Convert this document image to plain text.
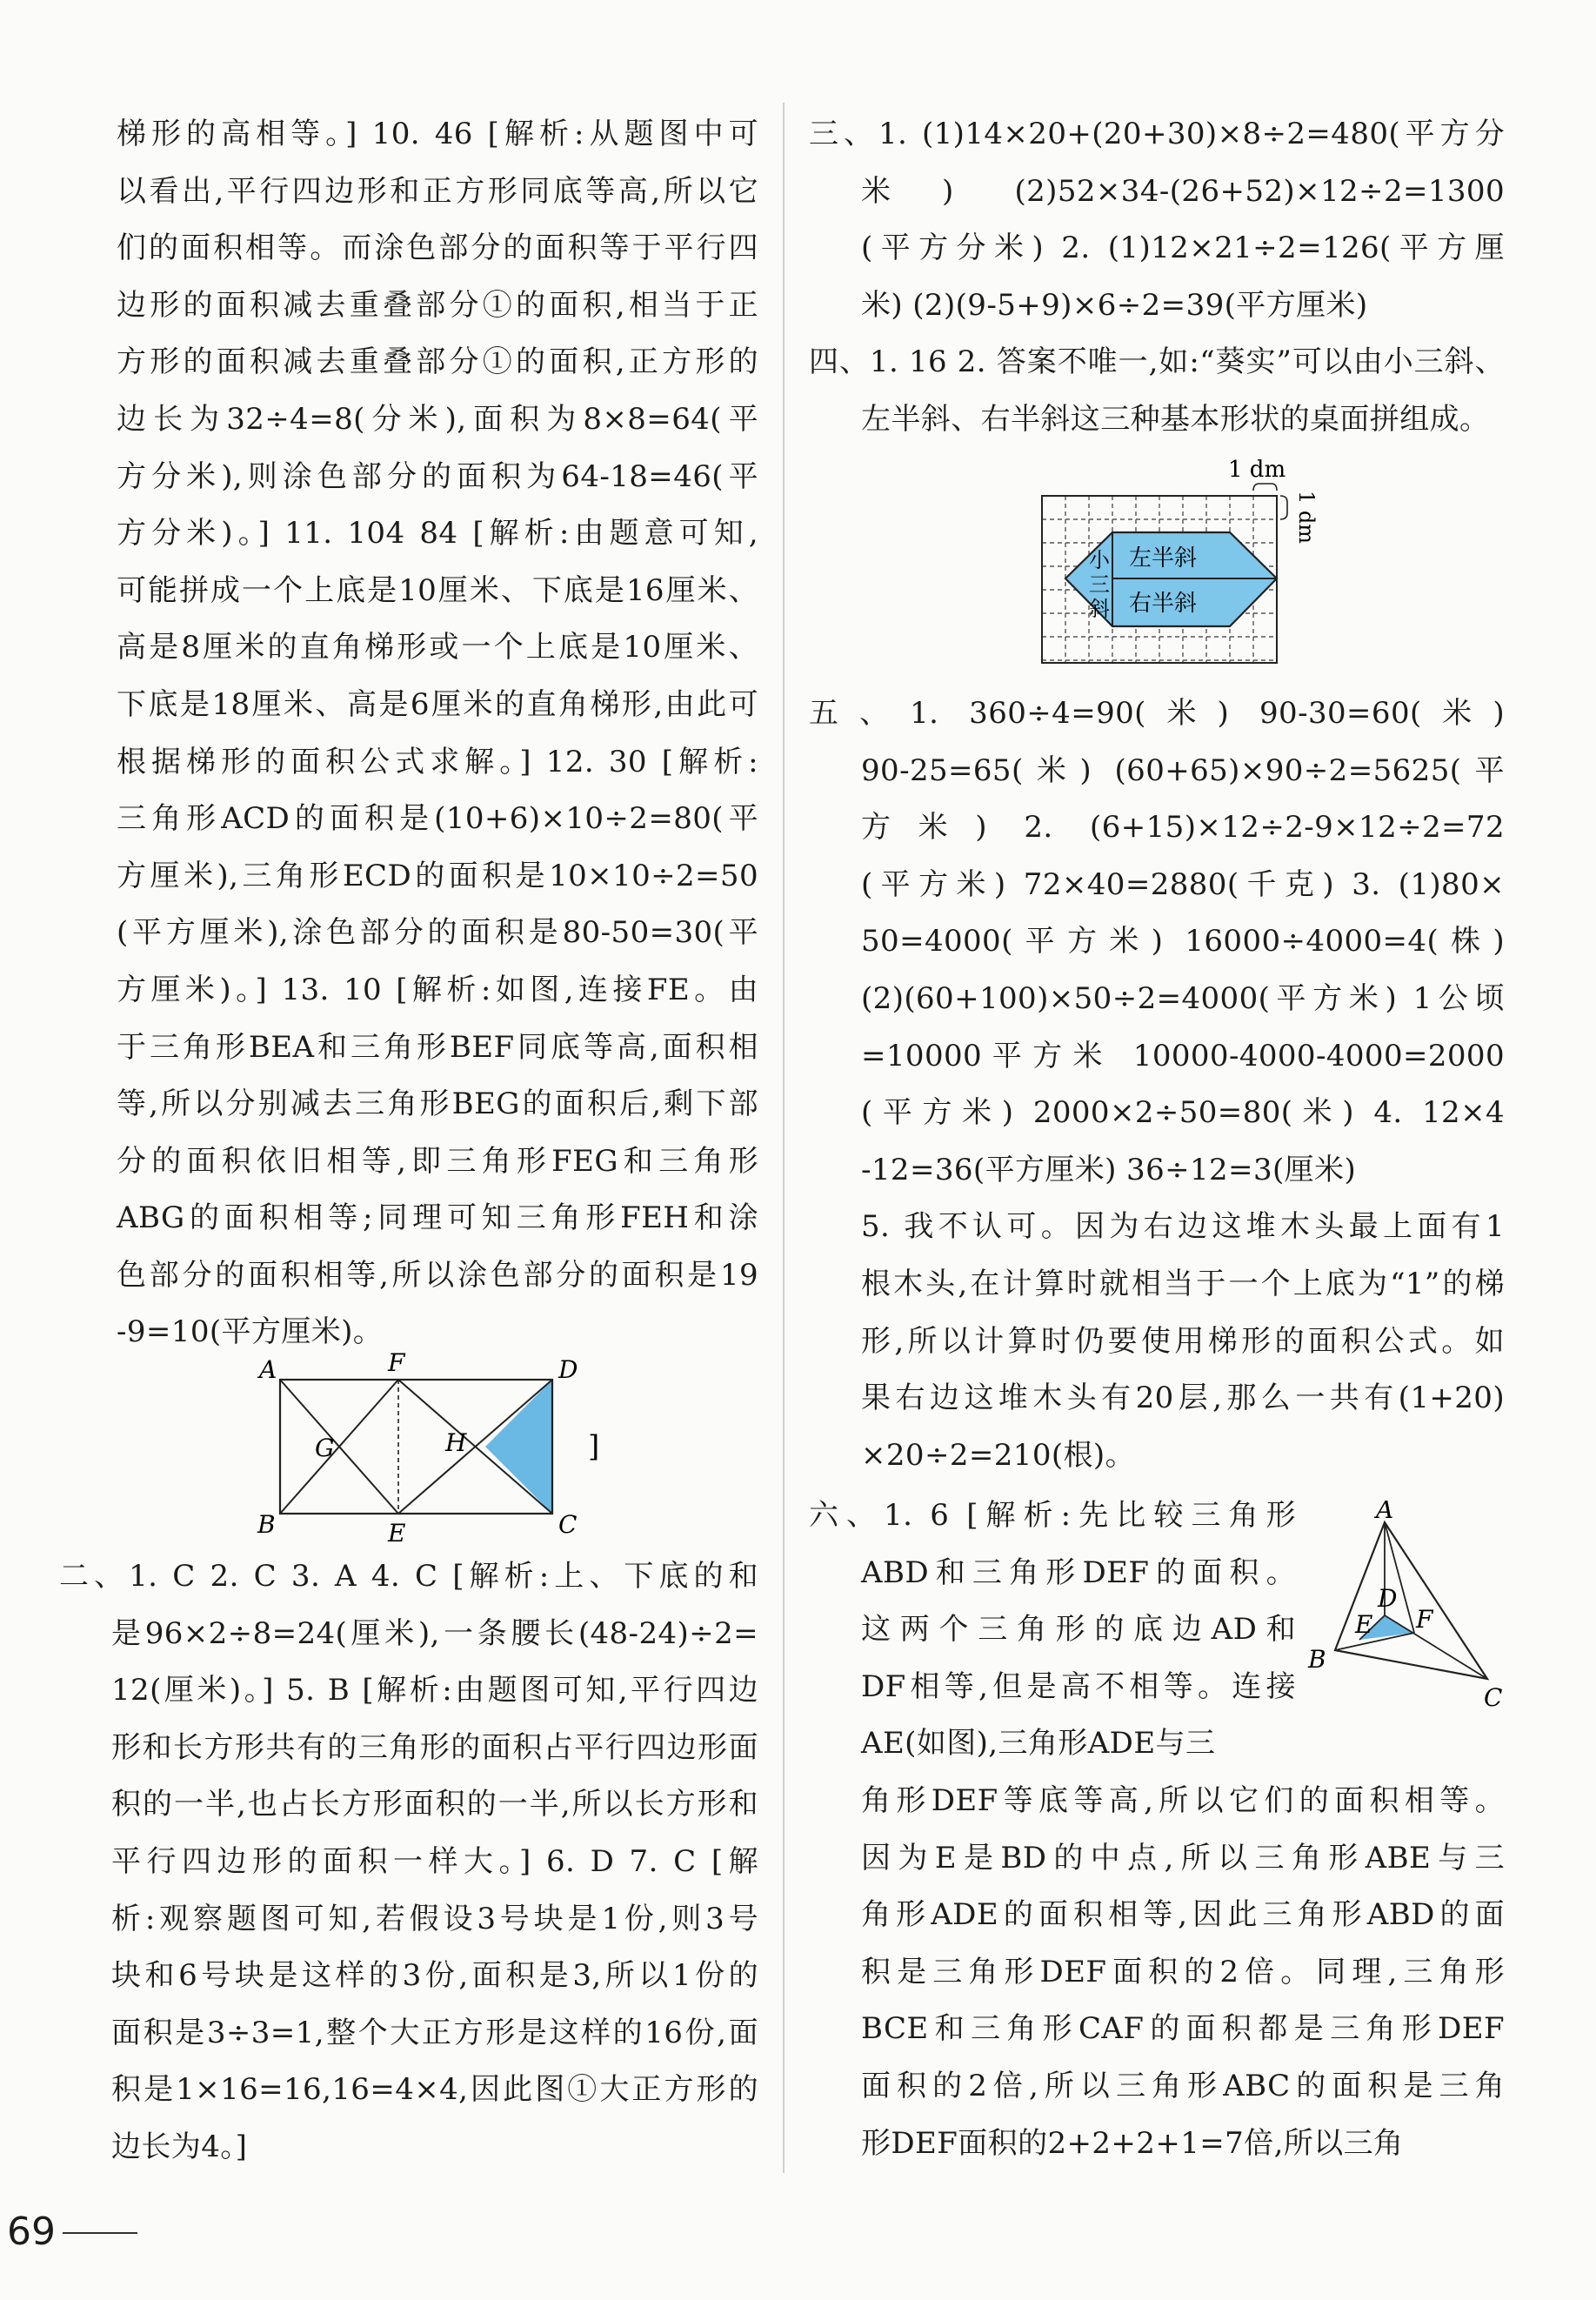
梯形的高相等。] 10. 46 [解析:从题图中可
以看出,平行四边形和正方形同底等高,所以它
们的面积相等。而涂色部分的面积等于平行四
边形的面积减去重叠部分①的面积,相当于正
方形的面积减去重叠部分①的面积,正方形的
边长为32÷4=8(分米),面积为8×8=64(平
方分米),则涂色部分的面积为64-18=46(平
方分米)。] 11. 104 84 [解析:由题意可知,
可能拼成一个上底是10厘米、下底是16厘米、
高是8厘米的直角梯形或一个上底是10厘米、
下底是18厘米、高是6厘米的直角梯形,由此可
根据梯形的面积公式求解。] 12. 30 [解析:
三角形ACD的面积是(10+6)×10÷2=80(平
方厘米),三角形ECD的面积是10×10÷2=50
(平方厘米),涂色部分的面积是80-50=30(平
方厘米)。] 13. 10 [解析:如图,连接FE。由
于三角形BEA和三角形BEF同底等高,面积相
等,所以分别减去三角形BEG的面积后,剩下部
分的面积依旧相等,即三角形FEG和三角形
ABG的面积相等;同理可知三角形FEH和涂
色部分的面积相等,所以涂色部分的面积是19
-9=10(平方厘米)。
二、1. C 2. C 3. A 4. C [解析:上、下底的和
是96×2÷8=24(厘米),一条腰长(48-24)÷2=
12(厘米)。] 5. B [解析:由题图可知,平行四边
形和长方形共有的三角形的面积占平行四边形面
积的一半,也占长方形面积的一半,所以长方形和
平行四边形的面积一样大。] 6. D 7. C [解
析:观察题图可知,若假设3号块是1份,则3号
块和6号块是这样的3份,面积是3,所以1份的
面积是3÷3=1,整个大正方形是这样的16份,面
积是1×16=16,16=4×4,因此图①大正方形的
边长为4。]
三、1. (1)14×20+(20+30)×8÷2=480(平方分
米) (2)52×34-(26+52)×12÷2=1300
(平方分米) 2. (1)12×21÷2=126(平方厘
米) (2)(9-5+9)×6÷2=39(平方厘米)
四、1. 16 2. 答案不唯一,如:“葵实”可以由小三斜、
左半斜、右半斜这三种基本形状的桌面拼组成。
五、1. 360÷4=90(米) 90-30=60(米)
90-25=65(米) (60+65)×90÷2=5625(平
方米) 2. (6+15)×12÷2-9×12÷2=72
(平方米) 72×40=2880(千克) 3. (1)80×
50=4000(平方米) 16000÷4000=4(株)
(2)(60+100)×50÷2=4000(平方米) 1公顷
=10000平方米 10000-4000-4000=2000
(平方米) 2000×2÷50=80(米) 4. 12×4
-12=36(平方厘米) 36÷12=3(厘米)
5. 我不认可。因为右边这堆木头最上面有1
根木头,在计算时就相当于一个上底为“1”的梯
形,所以计算时仍要使用梯形的面积公式。如
果右边这堆木头有20层,那么一共有(1+20)
×20÷2=210(根)。
六、1. 6 [解析:先比较三角形
ABD和三角形DEF的面积。
这两个三角形的底边AD和
DF相等,但是高不相等。连接
AE(如图),三角形ADE与三
角形DEF等底等高,所以它们的面积相等。
因为E是BD的中点,所以三角形ABE与三
角形ADE的面积相等,因此三角形ABD的面
积是三角形DEF面积的2倍。同理,三角形
BCE和三角形CAF的面积都是三角形DEF
面积的2倍,所以三角形ABC的面积是三角
形DEF面积的2+2+2+1=7倍,所以三角
小
三
斜
左半斜
右半斜
1 dm
1 dm
A	F	D
G	H
B	E	C
]
A
D
E F
B
C
69
